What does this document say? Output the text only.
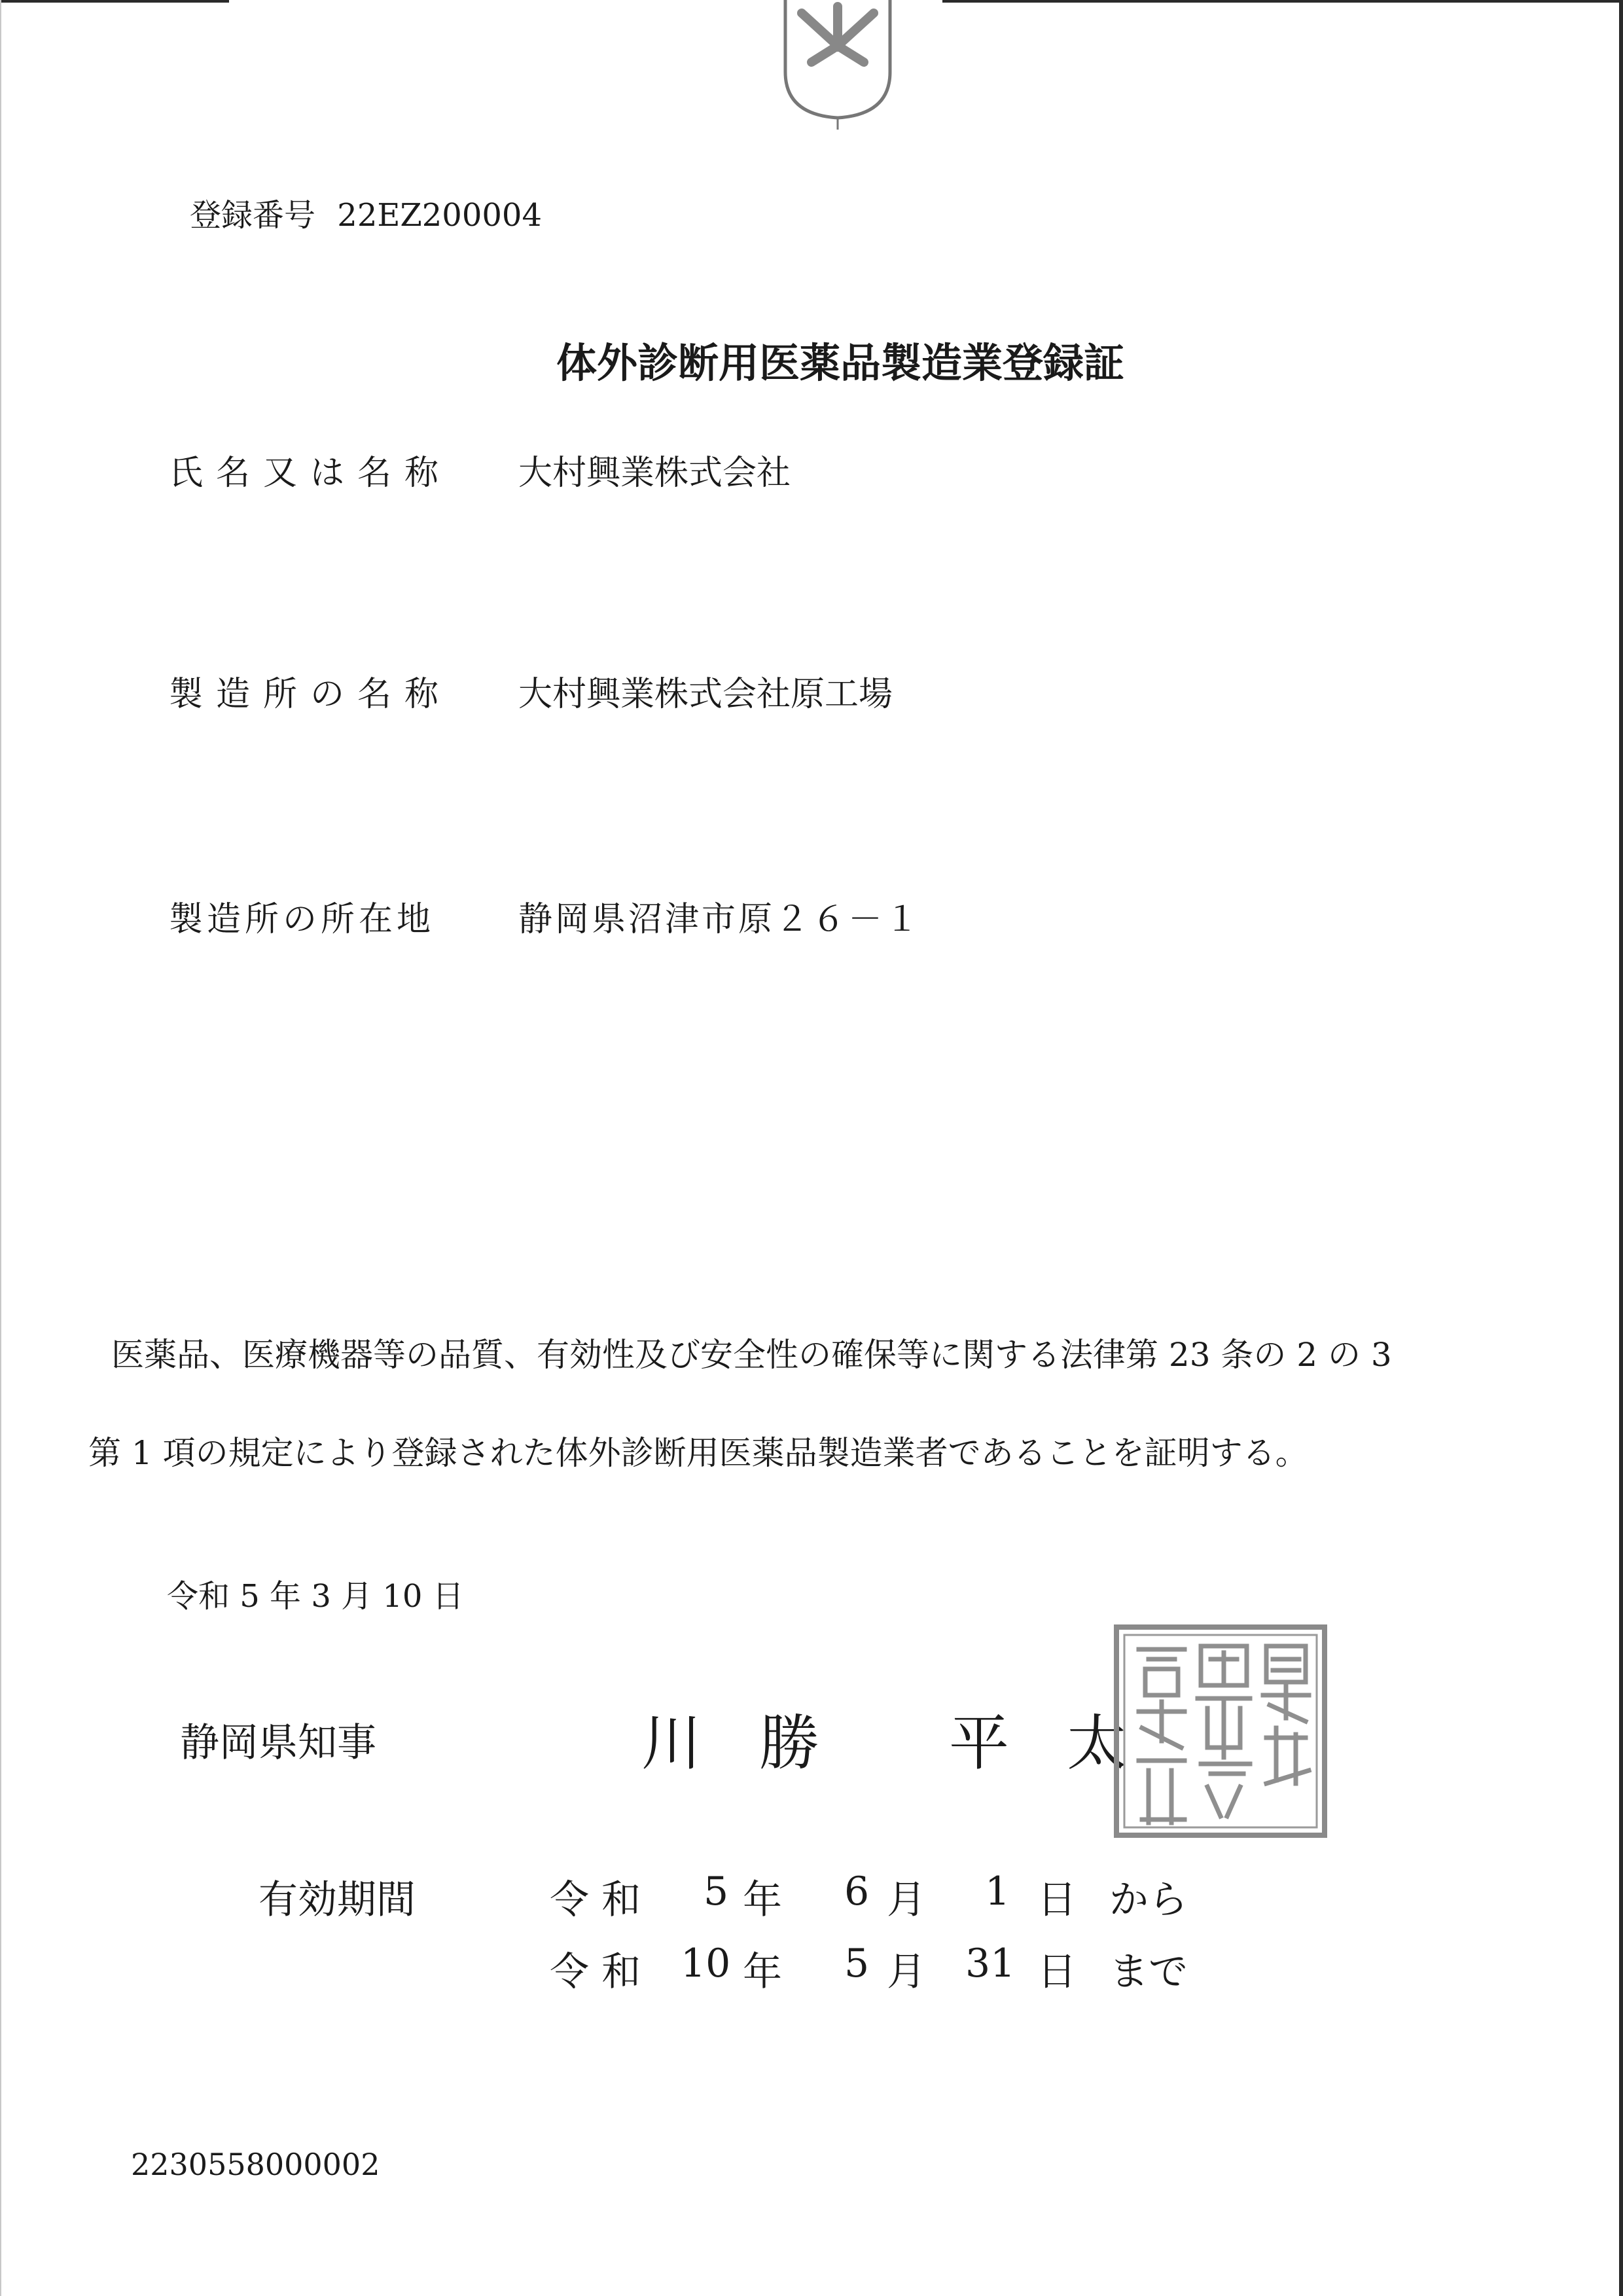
登録番号 22EZ200004
体外診断用医薬品製造業登録証
氏名又は名称 大村興業株式会社
製造所の名称 大村興業株式会社原工場
製造所の所在地 静岡県沼津市原２６－１
医薬品、医療機器等の品質、有効性及び安全性の確保等に関する法律第 23 条の 2 の 3
第 1 項の規定により登録された体外診断用医薬品製造業者であることを証明する。
令和 5 年 3 月 10 日
静岡県知事	川 勝 平 太
静岡県知事之印
有効期間	令 和 5 年 6 月 1 日 から
令 和 10 年 5 月 31 日 まで
2230558000002
